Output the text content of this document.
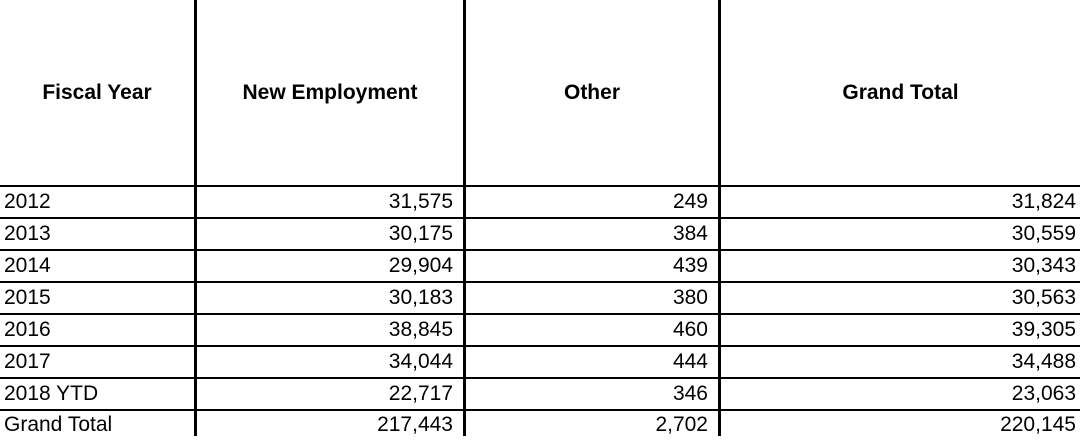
Fiscal Year	New Employment	Other	Grand Total
2012	31,575	249	31,824
2013	30,175	384	30,559
2014	29,904	439	30,343
2015	30,183	380	30,563
2016	38,845	460	39,305
2017	34,044	444	34,488
2018 YTD	22,717	346	23,063
Grand Total	217,443	2,702	220,145
